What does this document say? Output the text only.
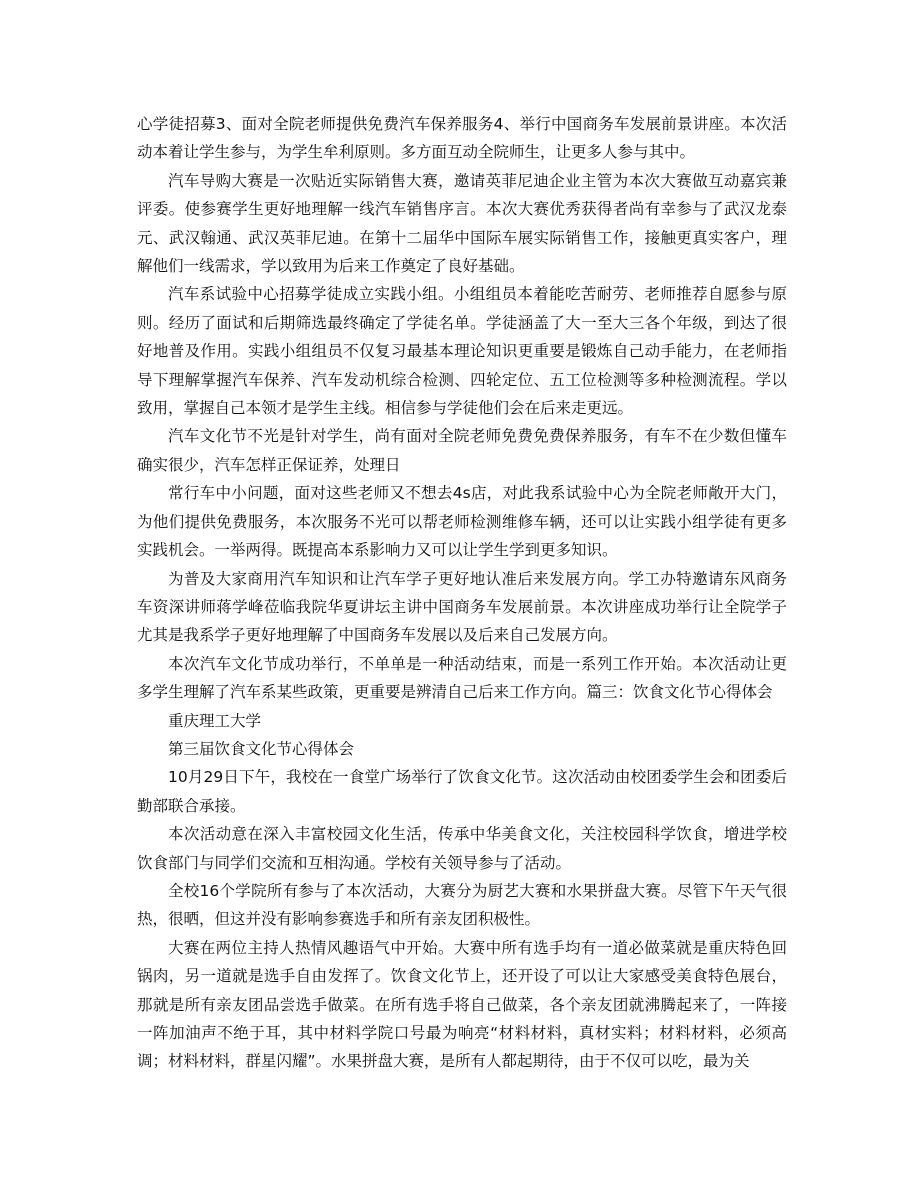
心学徒招募3、面对全院老师提供免费汽车保养服务4、举行中国商务车发展前景讲座。本次活动本着让学生参与，为学生牟利原则。多方面互动全院师生，让更多人参与其中。

汽车导购大赛是一次贴近实际销售大赛，邀请英菲尼迪企业主管为本次大赛做互动嘉宾兼评委。使参赛学生更好地理解一线汽车销售序言。本次大赛优秀获得者尚有幸参与了武汉龙泰元、武汉翰通、武汉英菲尼迪。在第十二届华中国际车展实际销售工作，接触更真实客户，理解他们一线需求，学以致用为后来工作奠定了良好基础。

汽车系试验中心招募学徒成立实践小组。小组组员本着能吃苦耐劳、老师推荐自愿参与原则。经历了面试和后期筛选最终确定了学徒名单。学徒涵盖了大一至大三各个年级，到达了很好地普及作用。实践小组组员不仅复习最基本理论知识更重要是锻炼自己动手能力，在老师指导下理解掌握汽车保养、汽车发动机综合检测、四轮定位、五工位检测等多种检测流程。学以致用，掌握自己本领才是学生主线。相信参与学徒他们会在后来走更远。

汽车文化节不光是针对学生，尚有面对全院老师免费免费保养服务，有车不在少数但懂车确实很少，汽车怎样正保证养，处理日

常行车中小问题，面对这些老师又不想去4s店，对此我系试验中心为全院老师敞开大门，为他们提供免费服务，本次服务不光可以帮老师检测维修车辆，还可以让实践小组学徒有更多实践机会。一举两得。既提高本系影响力又可以让学生学到更多知识。

为普及大家商用汽车知识和让汽车学子更好地认准后来发展方向。学工办特邀请东风商务车资深讲师蒋学峰莅临我院华夏讲坛主讲中国商务车发展前景。本次讲座成功举行让全院学子尤其是我系学子更好地理解了中国商务车发展以及后来自己发展方向。

本次汽车文化节成功举行，不单单是一种活动结束，而是一系列工作开始。本次活动让更多学生理解了汽车系某些政策，更重要是辨清自己后来工作方向。篇三：饮食文化节心得体会

重庆理工大学

第三届饮食文化节心得体会

10月29日下午，我校在一食堂广场举行了饮食文化节。这次活动由校团委学生会和团委后勤部联合承接。

本次活动意在深入丰富校园文化生活，传承中华美食文化，关注校园科学饮食，增进学校饮食部门与同学们交流和互相沟通。学校有关领导参与了活动。

全校16个学院所有参与了本次活动，大赛分为厨艺大赛和水果拼盘大赛。尽管下午天气很热，很晒，但这并没有影响参赛选手和所有亲友团积极性。

大赛在两位主持人热情风趣语气中开始。大赛中所有选手均有一道必做菜就是重庆特色回锅肉，另一道就是选手自由发挥了。饮食文化节上，还开设了可以让大家感受美食特色展台，那就是所有亲友团品尝选手做菜。在所有选手将自己做菜，各个亲友团就沸腾起来了，一阵接一阵加油声不绝于耳，其中材料学院口号最为响亮“材料材料，真材实料；材料材料，必须高调；材料材料，群星闪耀”。水果拼盘大赛，是所有人都起期待，由于不仅可以吃，最为关
